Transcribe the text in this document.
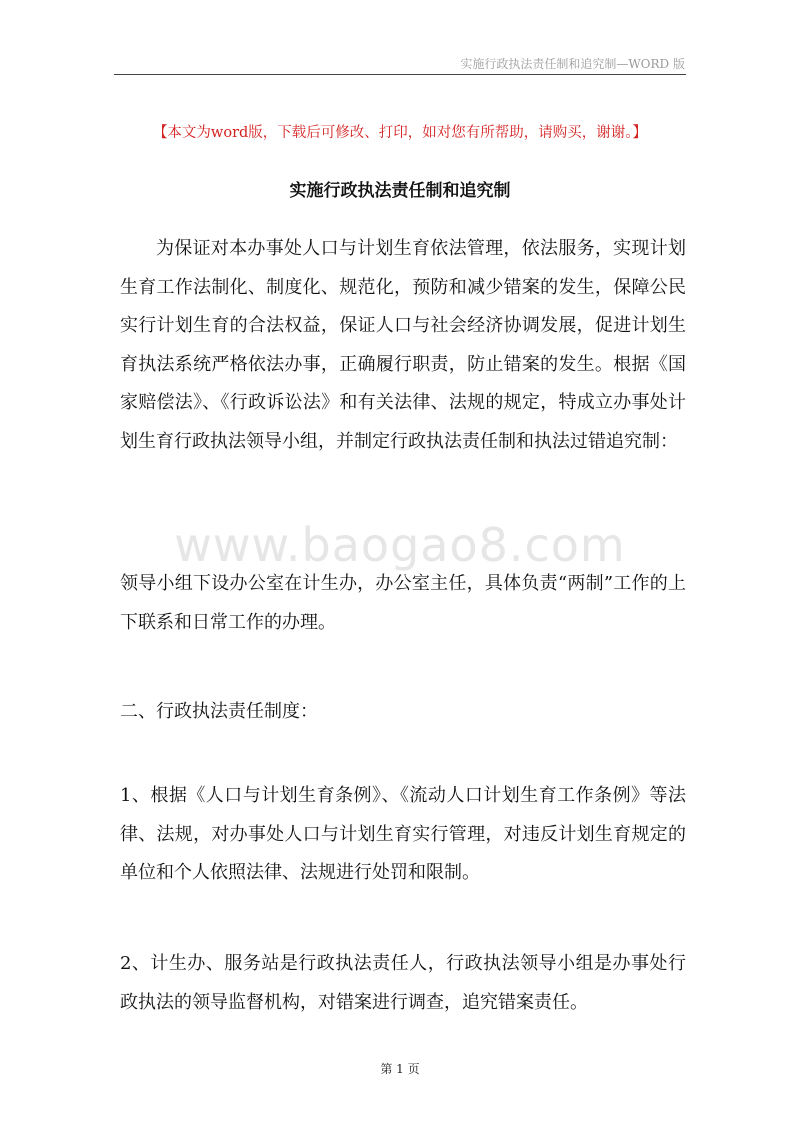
实施行政执法责任制和追究制—WORD 版
【本文为word版，下载后可修改、打印，如对您有所帮助，请购买，谢谢。】
实施行政执法责任制和追究制

为保证对本办事处人口与计划生育依法管理，依法服务，实现计划生育工作法制化、制度化、规范化，预防和减少错案的发生，保障公民实行计划生育的合法权益，保证人口与社会经济协调发展，促进计划生育执法系统严格依法办事，正确履行职责，防止错案的发生。根据《国家赔偿法》、《行政诉讼法》和有关法律、法规的规定，特成立办事处计划生育行政执法领导小组，并制定行政执法责任制和执法过错追究制：

www.baogao8.com

领导小组下设办公室在计生办，办公室主任，具体负责“两制”工作的上下联系和日常工作的办理。

二、行政执法责任制度：

1、根据《人口与计划生育条例》、《流动人口计划生育工作条例》等法律、法规，对办事处人口与计划生育实行管理，对违反计划生育规定的单位和个人依照法律、法规进行处罚和限制。

2、计生办、服务站是行政执法责任人，行政执法领导小组是办事处行政执法的领导监督机构，对错案进行调查，追究错案责任。

第 1 页
